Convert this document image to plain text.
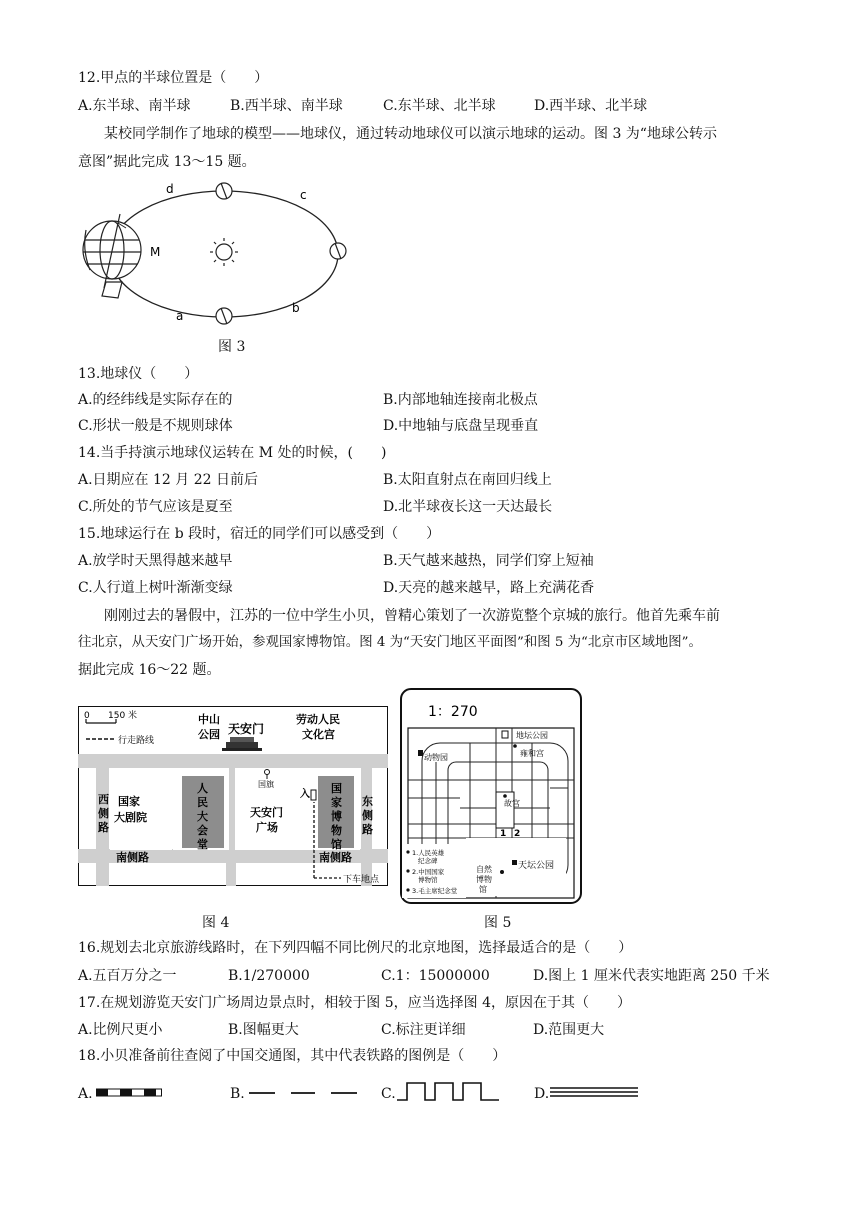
12.甲点的半球位置是（　　）
A.东半球、南半球	B.西半球、南半球	C.东半球、北半球	D.西半球、北半球
某校同学制作了地球的模型——地球仪，通过转动地球仪可以演示地球的运动。图 3 为“地球公转示
意图”据此完成 13～15 题。
d	c
M
b
a
图 3
13.地球仪（　　）
A.的经纬线是实际存在的	B.内部地轴连接南北极点
C.形状一般是不规则球体	D.中地轴与底盘呈现垂直
14.当手持演示地球仪运转在 M 处的时候，(　　)
A.日期应在 12 月 22 日前后	B.太阳直射点在南回归线上
C.所处的节气应该是夏至	D.北半球夜长这一天达最长
15.地球运行在 b 段时，宿迁的同学们可以感受到（　　）
A.放学时天黑得越来越早	B.天气越来越热，同学们穿上短袖
C.人行道上树叶渐渐变绿	D.天亮的越来越早，路上充满花香
刚刚过去的暑假中，江苏的一位中学生小贝，曾精心策划了一次游览整个京城的旅行。他首先乘车前
往北京，从天安门广场开始，参观国家博物馆。图 4 为“天安门地区平面图”和图 5 为“北京市区域地图”。
据此完成 16～22 题。
0 150 米
行走路线
中山
公园 天安门
劳动人民
文化宫
国旗
国家
大剧院
人
民
大
会
堂
天安门
广场
国
家
博
物
馆
西
侧
路
东
侧
路
南侧路	南侧路
入
下车地点
图 4
1：270
地坛公园
雍和宫
动物园
故宫
1 2
天坛公园
自然
博物
馆
1.人民英雄
纪念碑
2.中国国家
博物馆
3.毛主席纪念堂
图 5
16.规划去北京旅游线路时，在下列四幅不同比例尺的北京地图，选择最适合的是（　　）
A.五百万分之一	B.1/270000	C.1：15000000	D.图上 1 厘米代表实地距离 250 千米
17.在规划游览天安门广场周边景点时，相较于图 5，应当选择图 4，原因在于其（　　）
A.比例尺更小	B.图幅更大	C.标注更详细	D.范围更大
18.小贝准备前往查阅了中国交通图，其中代表铁路的图例是（　　）
A.	B.	C.	D.
